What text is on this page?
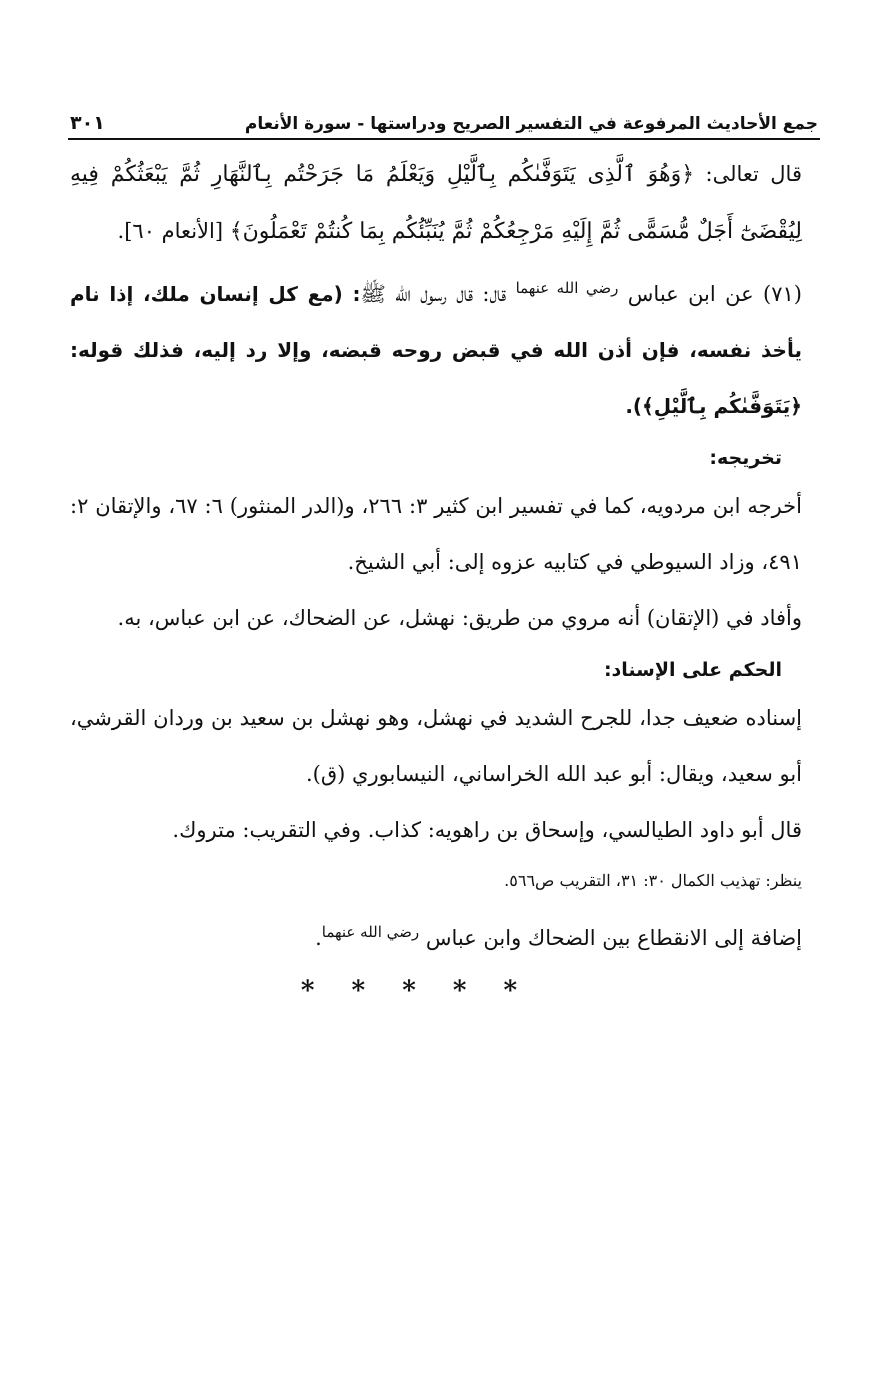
جمع الأحاديث المرفوعة في التفسير الصريح ودراستها - سورة الأنعام
٣٠١

قال تعالى: ﴿وَهُوَ ٱلَّذِى يَتَوَفَّىٰكُم بِٱلَّيْلِ وَيَعْلَمُ مَا جَرَحْتُم بِٱلنَّهَارِ ثُمَّ يَبْعَثُكُمْ فِيهِ لِيُقْضَىٰٓ أَجَلٌ مُّسَمًّى ثُمَّ إِلَيْهِ مَرْجِعُكُمْ ثُمَّ يُنَبِّئُكُم بِمَا كُنتُمْ تَعْمَلُونَ﴾ [الأنعام ٦٠].

(٧١) عن ابن عباس $^{رضي الله عنهما}$ قال: قال رسول الله ﷺ: (مع كل إنسان ملك، إذا نام يأخذ نفسه، فإن أذن الله في قبض روحه قبضه، وإلا رد إليه، فذلك قوله: ﴿يَتَوَفَّىٰكُم بِٱلَّيْلِ﴾).

تخريجه:

أخرجه ابن مردويه، كما في تفسير ابن كثير ٣: ٢٦٦، و(الدر المنثور) ٦: ٦٧، والإتقان ٢: ٤٩١، وزاد السيوطي في كتابيه عزوه إلى: أبي الشيخ.

وأفاد في (الإتقان) أنه مروي من طريق: نهشل، عن الضحاك، عن ابن عباس، به.

الحكم على الإسناد:

إسناده ضعيف جدا، للجرح الشديد في نهشل، وهو نهشل بن سعيد بن وردان القرشي، أبو سعيد، ويقال: أبو عبد الله الخراساني، النيسابوري (ق).

قال أبو داود الطيالسي، وإسحاق بن راهويه: كذاب. وفي التقريب: متروك.

ينظر: تهذيب الكمال ٣٠: ٣١، التقريب ص٥٦٦.

إضافة إلى الانقطاع بين الضحاك وابن عباس $^{رضي الله عنهما}$.

* * * * *
